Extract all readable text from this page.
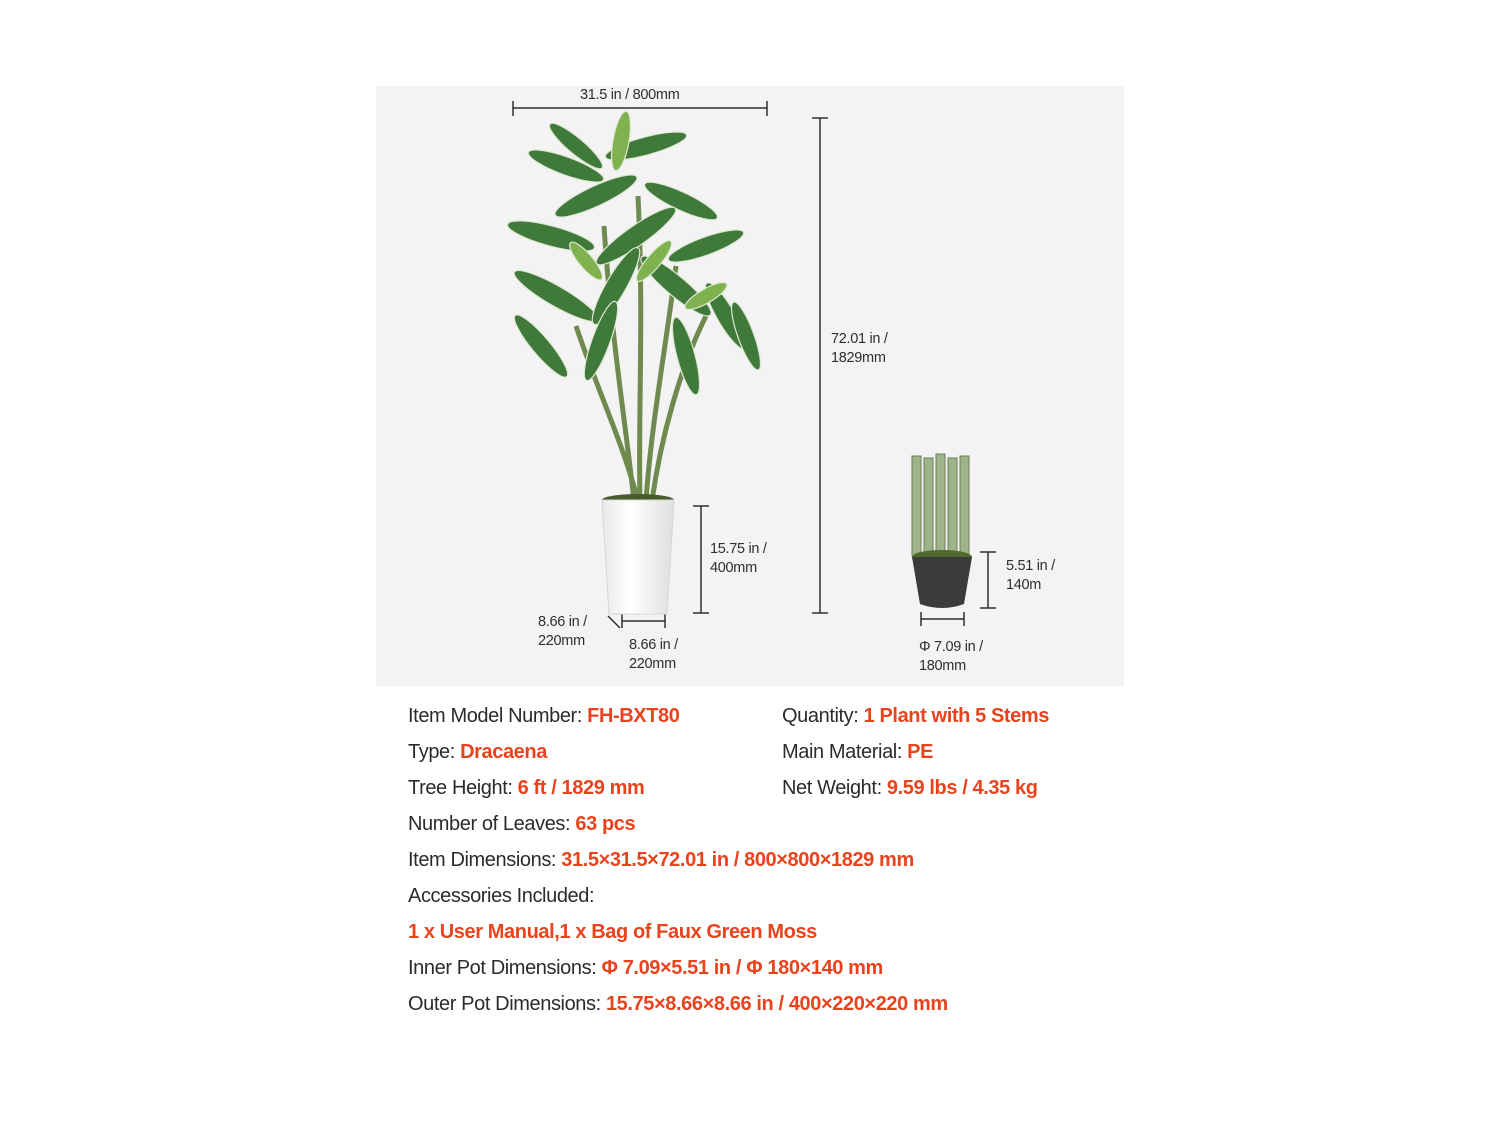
31.5 in / 800mm
72.01 in /
1829mm
15.75 in /
400mm
8.66 in /
220mm	8.66 in /
220mm
5.51 in /
140m
Φ 7.09 in /
180mm
Item Model Number: FH-BXT80	Quantity: 1 Plant with 5 Stems
Type: Dracaena	Main Material: PE
Tree Height: 6 ft / 1829 mm	Net Weight: 9.59 lbs / 4.35 kg
Number of Leaves: 63 pcs
Item Dimensions: 31.5×31.5×72.01 in / 800×800×1829 mm
Accessories Included:
1 x User Manual,1 x Bag of Faux Green Moss
Inner Pot Dimensions: Φ 7.09×5.51 in / Φ 180×140 mm
Outer Pot Dimensions: 15.75×8.66×8.66 in / 400×220×220 mm
